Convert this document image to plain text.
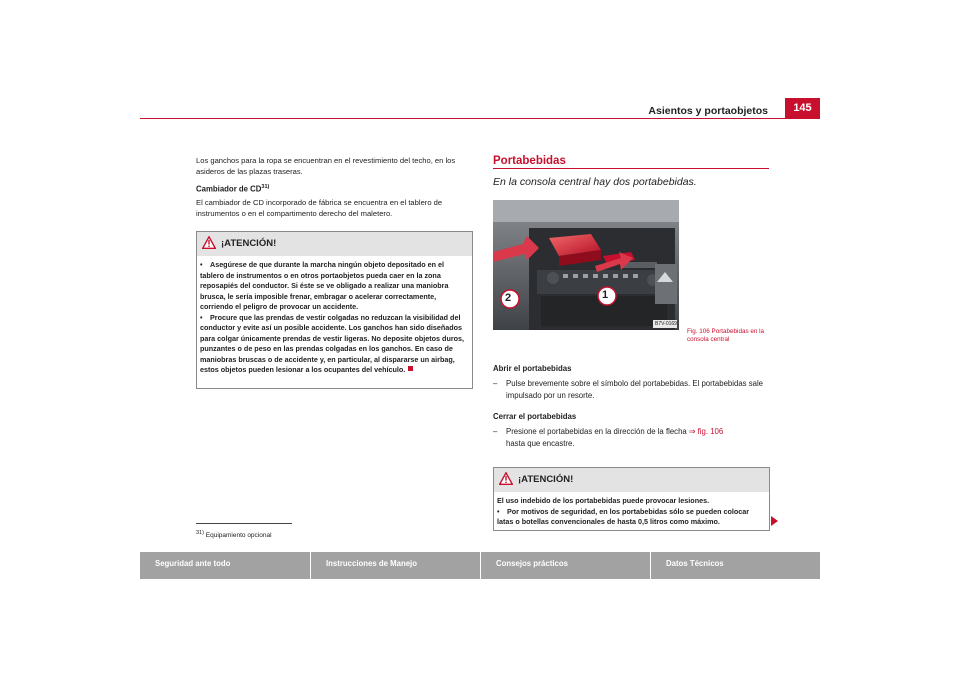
Asientos y portaobjetos	145
Los ganchos para la ropa se encuentran en el revestimiento del techo, en los asideros de las plazas traseras.
Cambiador de CD$^{31)}$
El cambiador de CD incorporado de fábrica se encuentra en el tablero de instrumentos o en el compartimento derecho del maletero.
¡ATENCIÓN!
• Asegúrese de que durante la marcha ningún objeto depositado en el tablero de instrumentos o en otros portaobjetos pueda caer en la zona reposapiés del conductor. Si éste se ve obligado a realizar una maniobra brusca, le sería imposible frenar, embragar o acelerar correctamente, corriendo el peligro de provocar un accidente.
• Procure que las prendas de vestir colgadas no reduzcan la visibilidad del conductor y evite así un posible accidente. Los ganchos han sido diseñados para colgar únicamente prendas de vestir ligeras. No deposite objetos duros, punzantes o de peso en las prendas colgadas en los ganchos. En caso de maniobras bruscas o de accidente y, en particular, al dispararse un airbag, estos objetos pueden lesionar a los ocupantes del vehículo.
$^{31)}$ Equipamiento opcional
Portabebidas
En la consola central hay dos portabebidas.
1
2
B7V-0169
Fig. 106 Portabebidas en la consola central
Abrir el portabebidas
–	Pulse brevemente sobre el símbolo del portabebidas. El portabebidas sale impulsado por un resorte.
Cerrar el portabebidas
–	Presione el portabebidas en la dirección de la flecha ⇒ fig. 106
hasta que encastre.
¡ATENCIÓN!
El uso indebido de los portabebidas puede provocar lesiones.
• Por motivos de seguridad, en los portabebidas sólo se pueden colocar latas o botellas convencionales de hasta 0,5 litros como máximo.
Seguridad ante todo	Instrucciones de Manejo	Consejos prácticos	Datos Técnicos
